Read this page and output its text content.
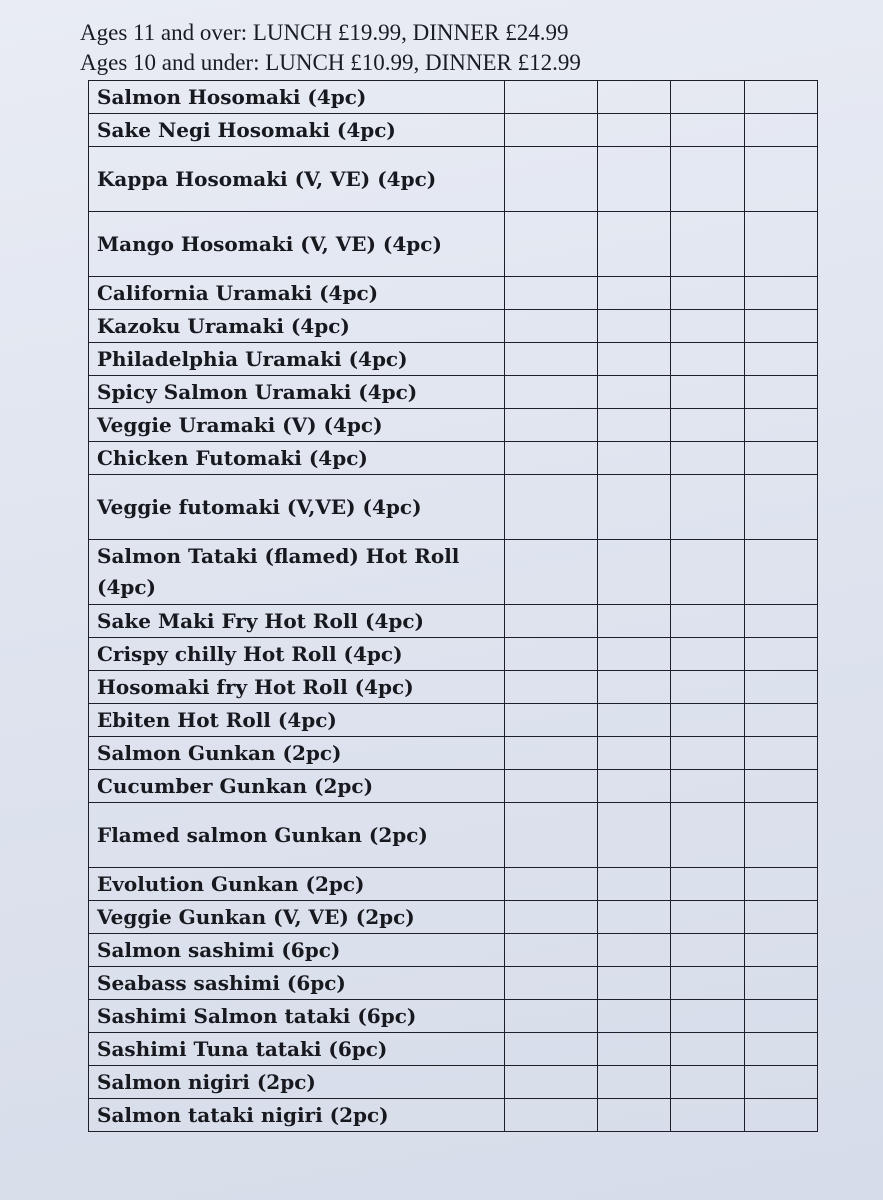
Ages 11 and over: LUNCH £19.99, DINNER £24.99
Ages 10 and under: LUNCH £10.99, DINNER £12.99
Salmon Hosomaki (4pc)				

Sake Negi Hosomaki (4pc)				

Kappa Hosomaki (V, VE) (4pc)				

Mango Hosomaki (V, VE) (4pc)				

California Uramaki (4pc)				

Kazoku Uramaki (4pc)				

Philadelphia Uramaki (4pc)				

Spicy Salmon Uramaki (4pc)				

Veggie Uramaki (V) (4pc)				

Chicken Futomaki (4pc)				

Veggie futomaki (V,VE) (4pc)				

Salmon Tataki (flamed) Hot Roll (4pc)				

Sake Maki Fry Hot Roll (4pc)				

Crispy chilly Hot Roll (4pc)				

Hosomaki fry Hot Roll (4pc)				

Ebiten Hot Roll (4pc)				

Salmon Gunkan (2pc)				

Cucumber Gunkan (2pc)				

Flamed salmon Gunkan (2pc)				

Evolution Gunkan (2pc)				

Veggie Gunkan (V, VE) (2pc)				

Salmon sashimi (6pc)				

Seabass sashimi (6pc)				

Sashimi Salmon tataki (6pc)				

Sashimi Tuna tataki (6pc)				

Salmon nigiri (2pc)				

Salmon tataki nigiri (2pc)				
